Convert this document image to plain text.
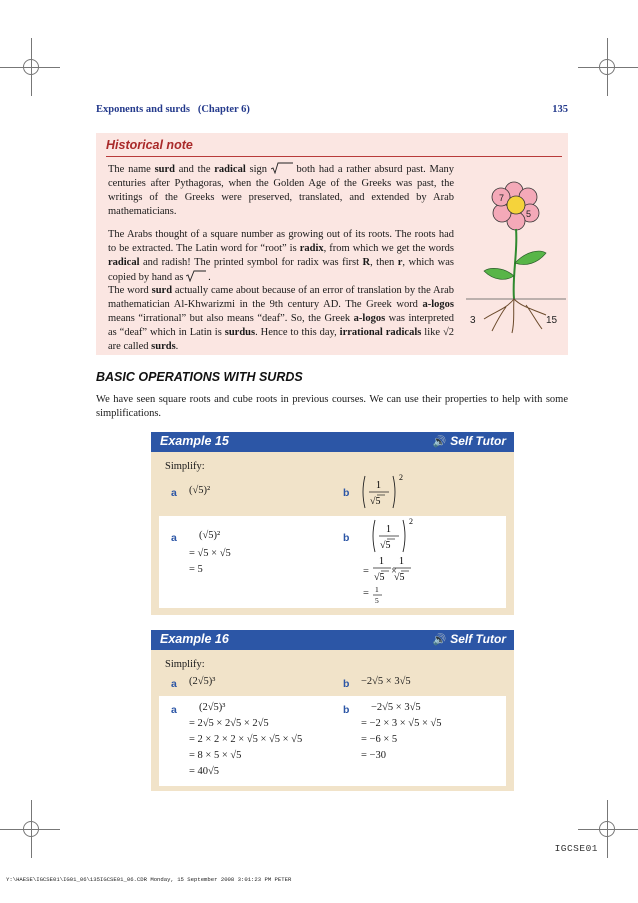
Exponents and surds   (Chapter 6)	135
Historical note
The name surd and the radical sign
both had a rather absurd past. Many centuries after Pythagoras, when the Golden Age of the Greeks was past, the writings of the Greeks were preserved, translated, and extended by Arab mathematicians.
The Arabs thought of a square number as growing out of its roots. The roots had to be extracted. The Latin word for “root” is radix, from which we get the words radical and radish! The printed symbol for radix was first R, then r, which was copied by hand as
.
The word surd actually came about because of an error of translation by the Arab mathematician Al-Khwarizmi in the 9th century AD. The Greek word a-logos means “irrational” but also means “deaf”. So, the Greek a-logos was interpreted as “deaf” which in Latin is surdus. Hence to this day, irrational radicals like √2 are called surds.
7
5
3	15
BASIC OPERATIONS WITH SURDS
We have seen square roots and cube roots in previous courses. We can use their properties to help with some simplifications.
Example 15	🔊 Self Tutor
Simplify:
a (√5)²	b
1
√5
2
a (√5)²
= √5 × √5
= 5
b
1
√5
2
=
1
√5
1
√5
×
= 1
5
Example 16	🔊 Self Tutor
Simplify:
a (2√5)³	b −2√5 × 3√5
a (2√5)³
= 2√5 × 2√5 × 2√5
= 2 × 2 × 2 × √5 × √5 × √5
= 8 × 5 × √5
= 40√5
b −2√5 × 3√5
= −2 × 3 × √5 × √5
= −6 × 5
= −30
IGCSE01
Y:\HAESE\IGCSE01\IG01_06\135IGCSE01_06.CDR Monday, 15 September 2008 3:01:23 PM PETER
